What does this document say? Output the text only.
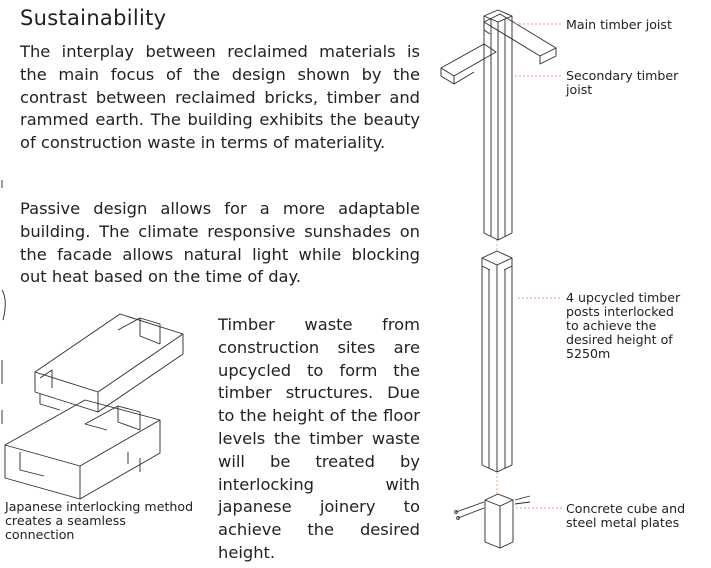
Sustainability
The interplay between reclaimed materials is the main focus of the design shown by the contrast between reclaimed bricks, timber and rammed earth. The building exhibits the beauty of construction waste in terms of materiality.
Passive design allows for a more adaptable building. The climate responsive sunshades on the facade allows natural light while blocking out heat based on the time of day.
Timber waste from construction sites are upcycled to form the timber structures. Due to the height of the floor levels the timber waste will be treated by interlocking with japanese joinery to achieve the desired height.
Japanese interlocking method creates a seamless connection
Main timber joist
Secondary timber
joist
4 upcycled timber
posts interlocked
to achieve the
desired height of
5250m
Concrete cube and
steel metal plates
